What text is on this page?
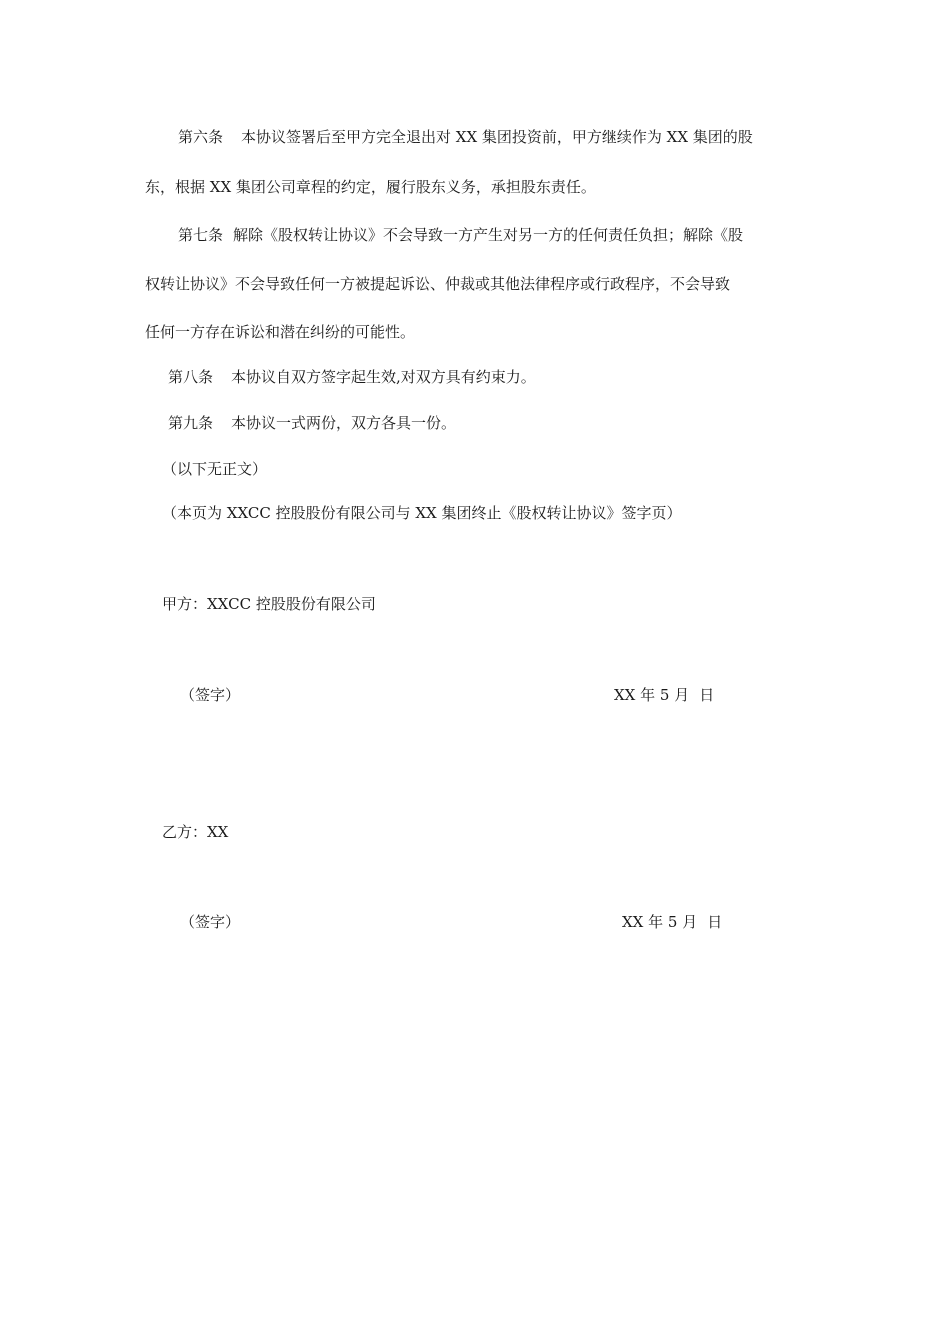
第六条 本协议签署后至甲方完全退出对 XX 集团投资前，甲方继续作为 XX 集团的股

东，根据 XX 集团公司章程的约定，履行股东义务，承担股东责任。

第七条 解除《股权转让协议》不会导致一方产生对另一方的任何责任负担；解除《股

权转让协议》不会导致任何一方被提起诉讼、仲裁或其他法律程序或行政程序，不会导致

任何一方存在诉讼和潜在纠纷的可能性。

第八条 本协议自双方签字起生效,对双方具有约束力。

第九条 本协议一式两份，双方各具一份。

（以下无正文）

（本页为 XXCC 控股股份有限公司与 XX 集团终止《股权转让协议》签字页）

甲方：XXCC 控股股份有限公司

（签字）	XX 年 5 月 日

乙方：XX

（签字）	XX 年 5 月 日
